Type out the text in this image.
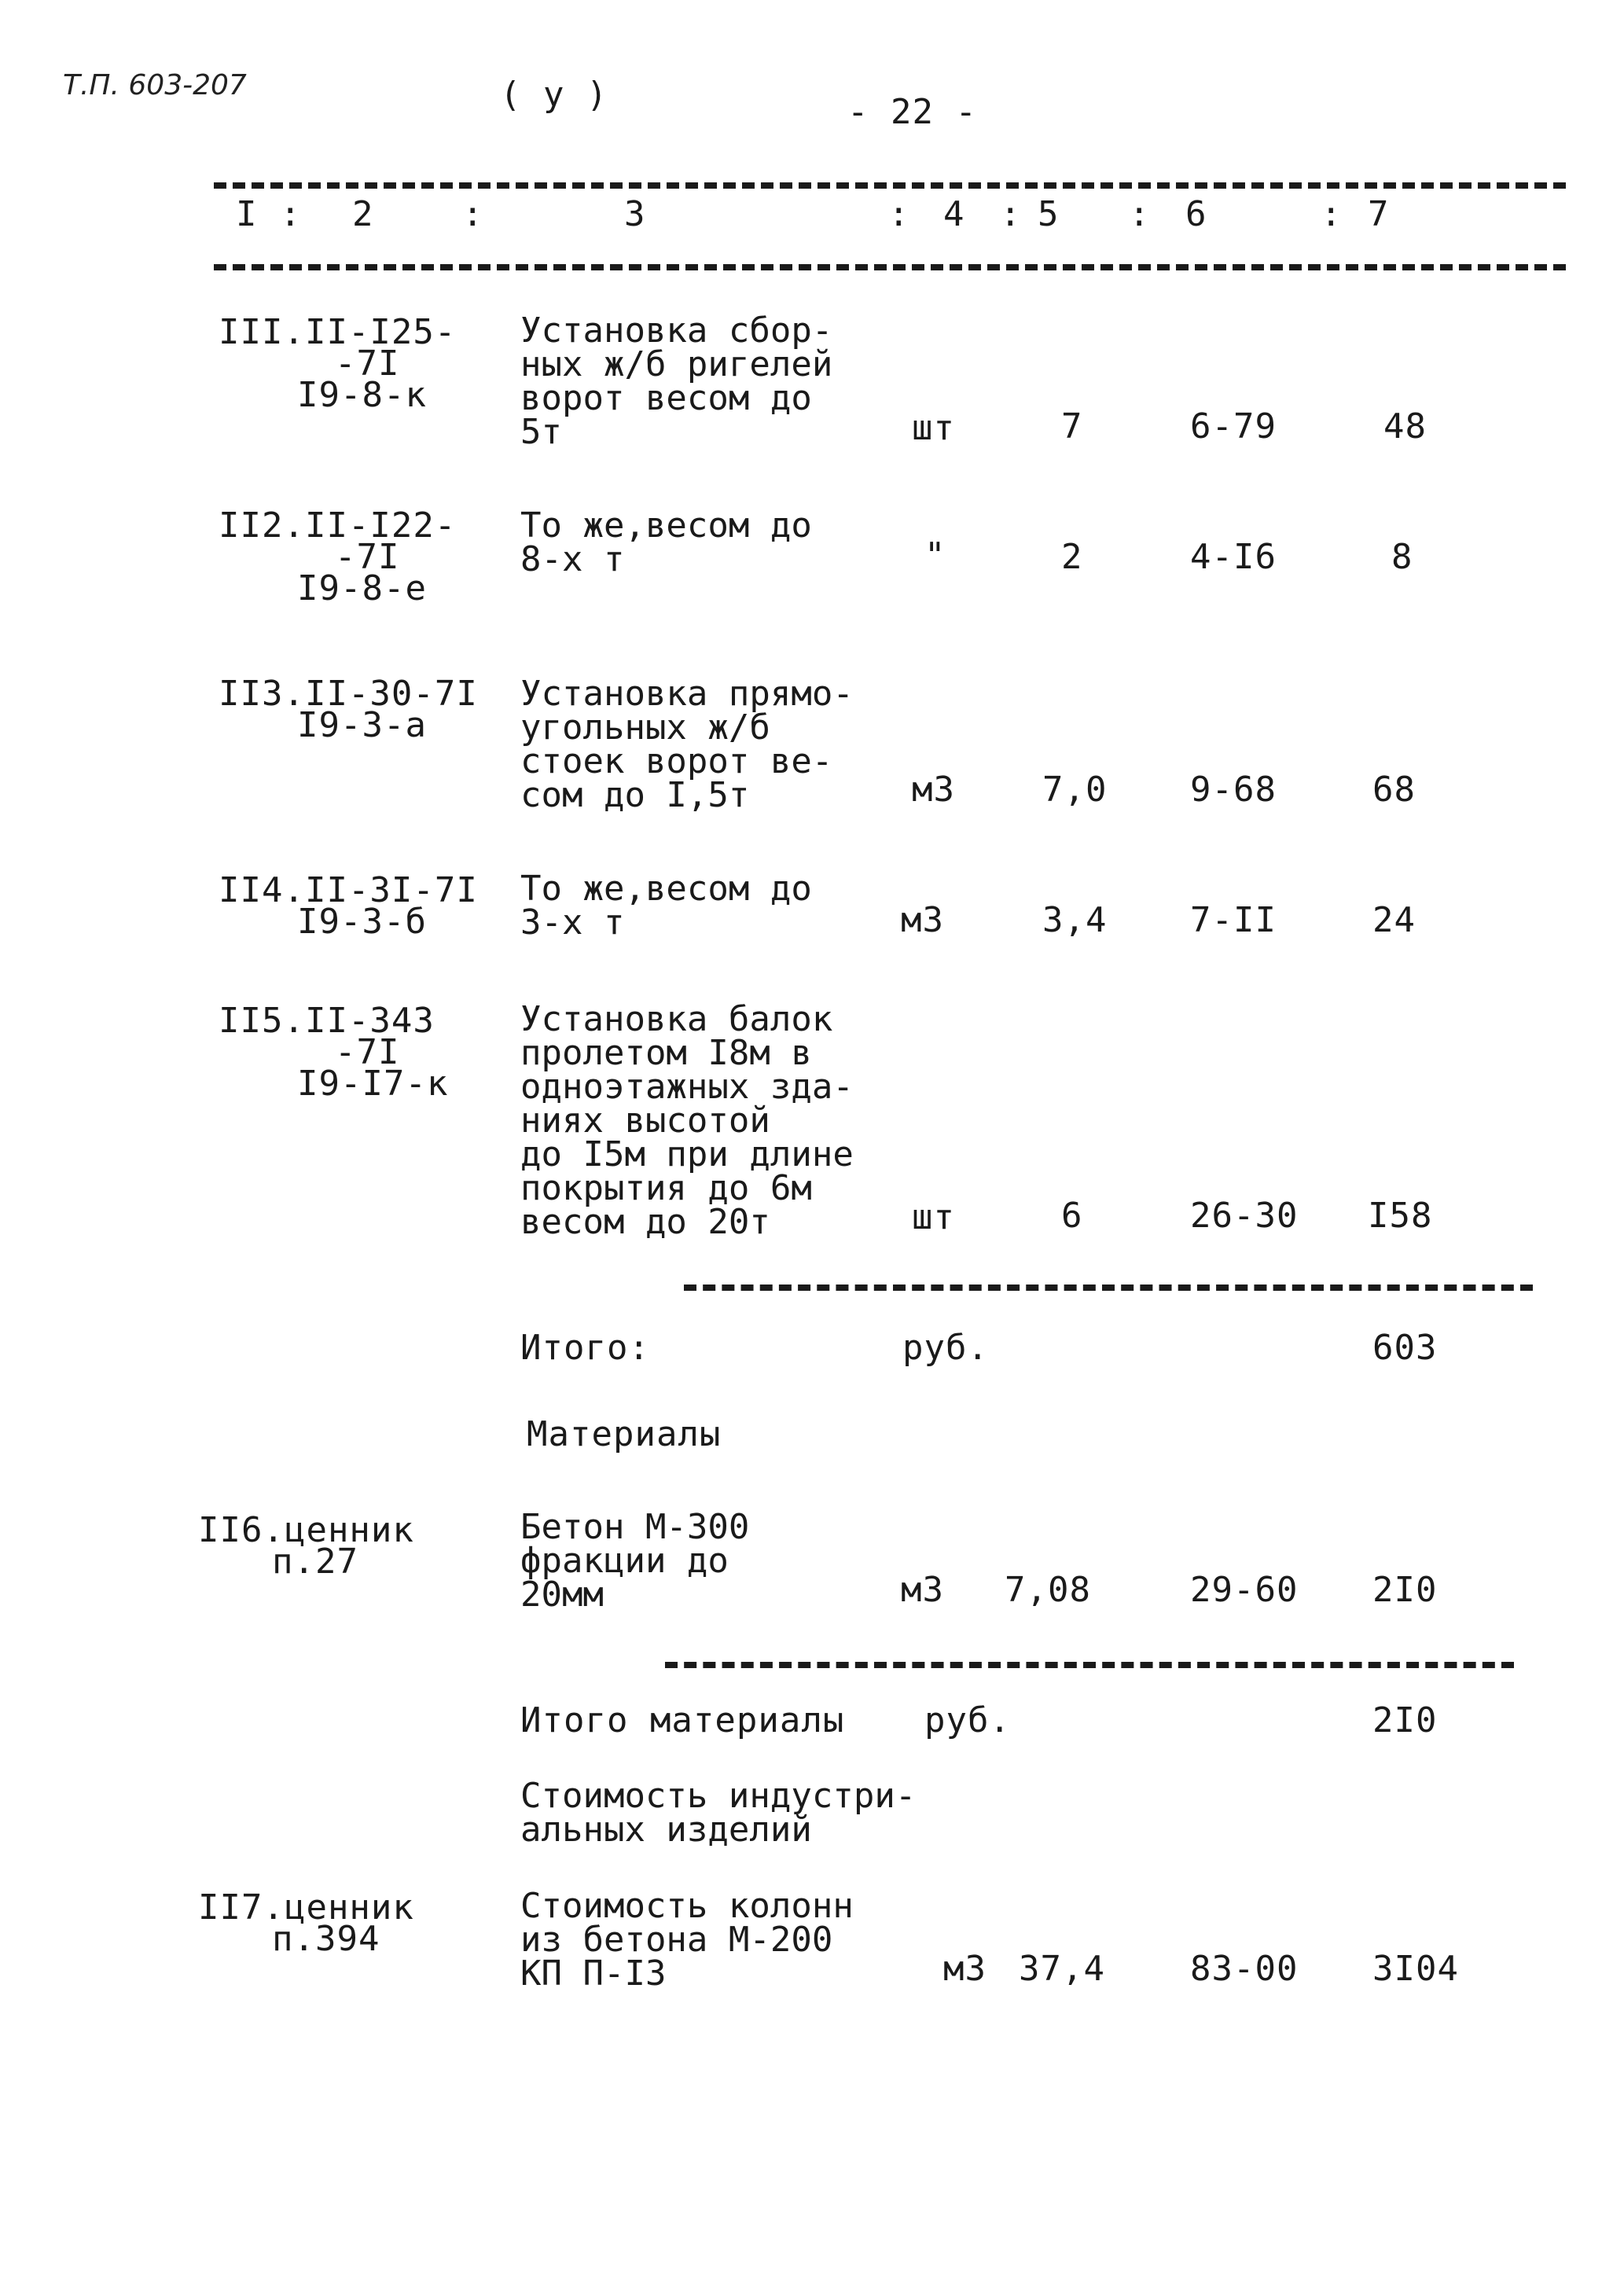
Т.П. 603-207	( у )	- 22 -
I : 2	:	3	: 4 : 5 : 6	: 7
III.II-I25-
-7I
I9-8-к
Установка сбор-
ных ж/б ригелей
ворот весом до
5т	шт	7	6-79	48
II2.II-I22-
-7I
I9-8-е
То же,весом до
8-х т	"	2	4-I6	8
II3.II-30-7I
I9-3-а
Установка прямо-
угольных ж/б
стоек ворот ве-
сом до I,5т	м3	7,0 9-68	68
II4.II-3I-7I
I9-3-б
То же,весом до
3-х т	м3	3,4 7-II	24
II5.II-343
-7I
I9-I7-к
Установка балок
пролетом I8м в
одноэтажных зда-
ниях высотой
до I5м при длине
покрытия до 6м
весом до 20т	шт	6	26-30 I58
Итого:	руб.	603
Материалы
II6.ценник
п.27
Бетон М-300
фракции до
20мм	м3 7,08	29-60 2I0
Итого материалы руб.	2I0
Стоимость индустри-
альных изделий
II7.ценник
п.394
Стоимость колонн
из бетона М-200
КП П-I3	м3 37,4 83-00 3I04
